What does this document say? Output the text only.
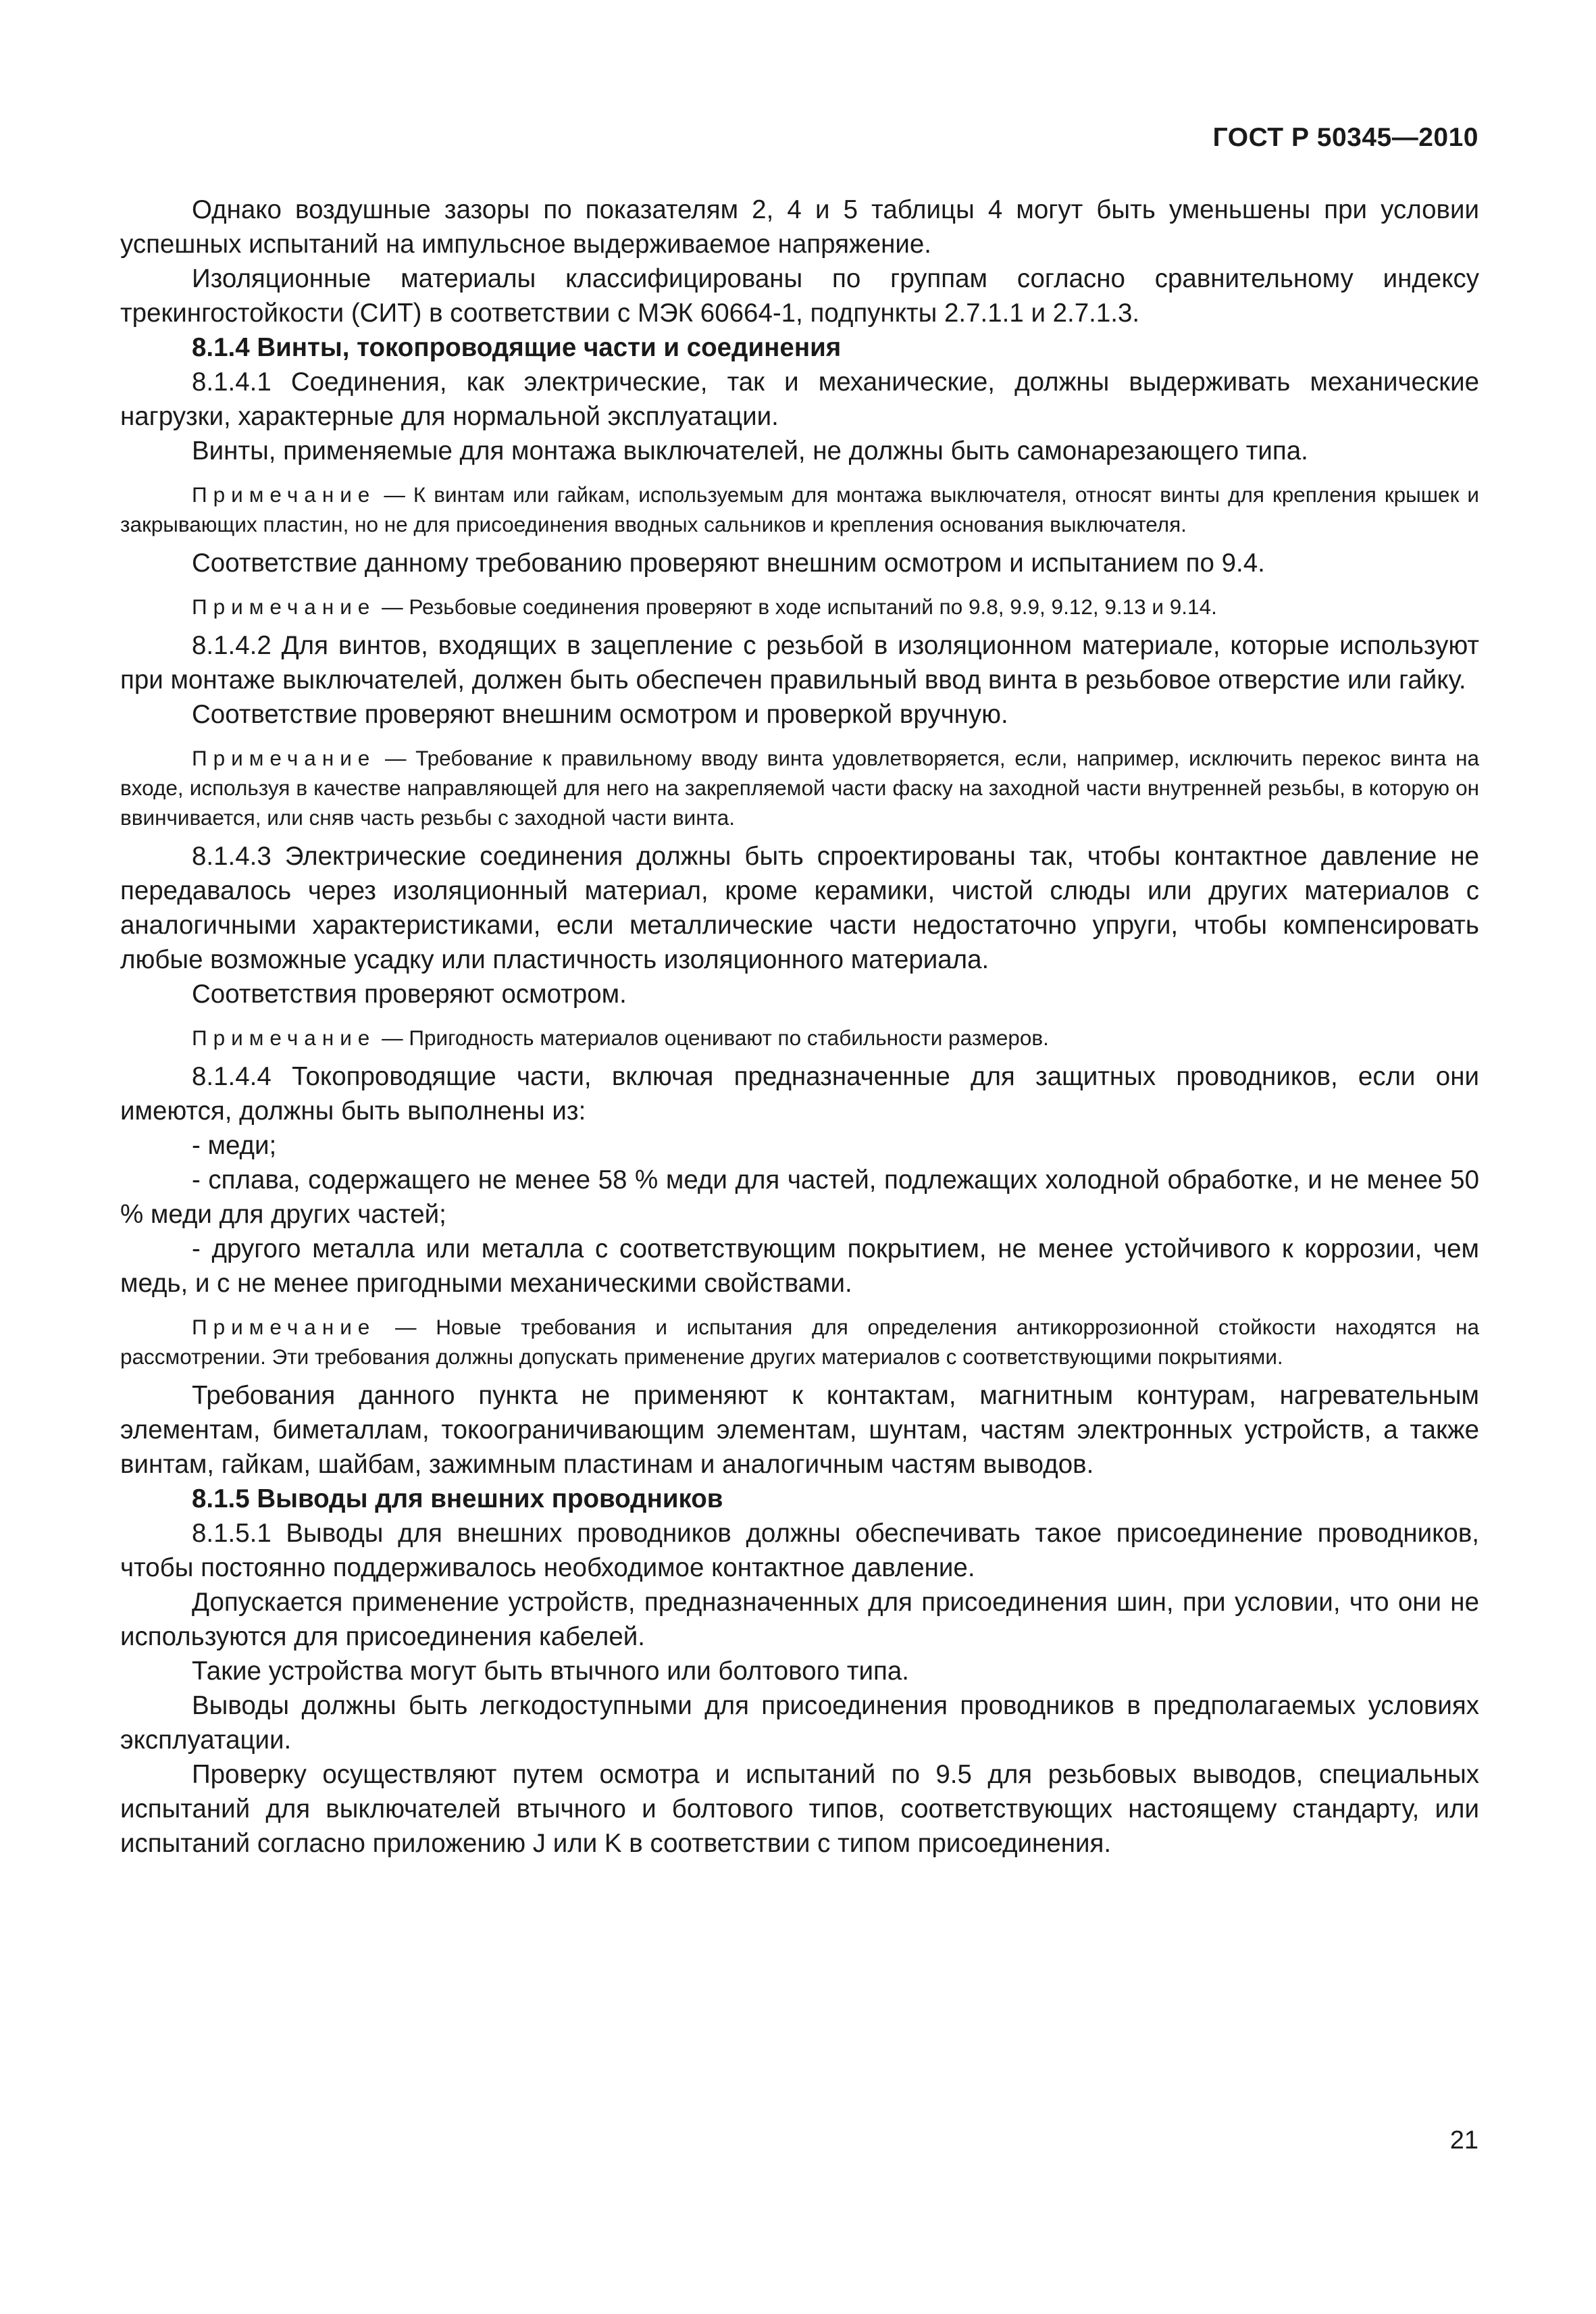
ГОСТ Р 50345—2010

Однако воздушные зазоры по показателям 2, 4 и 5 таблицы 4 могут быть уменьшены при условии успешных испытаний на импульсное выдерживаемое напряжение.

Изоляционные материалы классифицированы по группам согласно сравнительному индексу трекингостойкости (СИТ) в соответствии с МЭК 60664-1, подпункты 2.7.1.1 и 2.7.1.3.

8.1.4 Винты, токопроводящие части и соединения

8.1.4.1 Соединения, как электрические, так и механические, должны выдерживать механические нагрузки, характерные для нормальной эксплуатации.

Винты, применяемые для монтажа выключателей, не должны быть самонарезающего типа.

Примечание — К винтам или гайкам, используемым для монтажа выключателя, относят винты для крепления крышек и закрывающих пластин, но не для присоединения вводных сальников и крепления основания выключателя.

Соответствие данному требованию проверяют внешним осмотром и испытанием по 9.4.

Примечание — Резьбовые соединения проверяют в ходе испытаний по 9.8, 9.9, 9.12, 9.13 и 9.14.

8.1.4.2 Для винтов, входящих в зацепление с резьбой в изоляционном материале, которые используют при монтаже выключателей, должен быть обеспечен правильный ввод винта в резьбовое отверстие или гайку.

Соответствие проверяют внешним осмотром и проверкой вручную.

Примечание — Требование к правильному вводу винта удовлетворяется, если, например, исключить перекос винта на входе, используя в качестве направляющей для него на закрепляемой части фаску на заходной части внутренней резьбы, в которую он ввинчивается, или сняв часть резьбы с заходной части винта.

8.1.4.3 Электрические соединения должны быть спроектированы так, чтобы контактное давление не передавалось через изоляционный материал, кроме керамики, чистой слюды или других материалов с аналогичными характеристиками, если металлические части недостаточно упруги, чтобы компенсировать любые возможные усадку или пластичность изоляционного материала.

Соответствия проверяют осмотром.

Примечание — Пригодность материалов оценивают по стабильности размеров.

8.1.4.4 Токопроводящие части, включая предназначенные для защитных проводников, если они имеются, должны быть выполнены из:

- меди;

- сплава, содержащего не менее 58 % меди для частей, подлежащих холодной обработке, и не менее 50 % меди для других частей;

- другого металла или металла с соответствующим покрытием, не менее устойчивого к коррозии, чем медь, и с не менее пригодными механическими свойствами.

Примечание — Новые требования и испытания для определения антикоррозионной стойкости находятся на рассмотрении. Эти требования должны допускать применение других материалов с соответствующими покрытиями.

Требования данного пункта не применяют к контактам, магнитным контурам, нагревательным элементам, биметаллам, токоограничивающим элементам, шунтам, частям электронных устройств, а также винтам, гайкам, шайбам, зажимным пластинам и аналогичным частям выводов.

8.1.5 Выводы для внешних проводников

8.1.5.1 Выводы для внешних проводников должны обеспечивать такое присоединение проводников, чтобы постоянно поддерживалось необходимое контактное давление.

Допускается применение устройств, предназначенных для присоединения шин, при условии, что они не используются для присоединения кабелей.

Такие устройства могут быть втычного или болтового типа.

Выводы должны быть легкодоступными для присоединения проводников в предполагаемых условиях эксплуатации.

Проверку осуществляют путем осмотра и испытаний по 9.5 для резьбовых выводов, специальных испытаний для выключателей втычного и болтового типов, соответствующих настоящему стандарту, или испытаний согласно приложению J или K в соответствии с типом присоединения.

21
